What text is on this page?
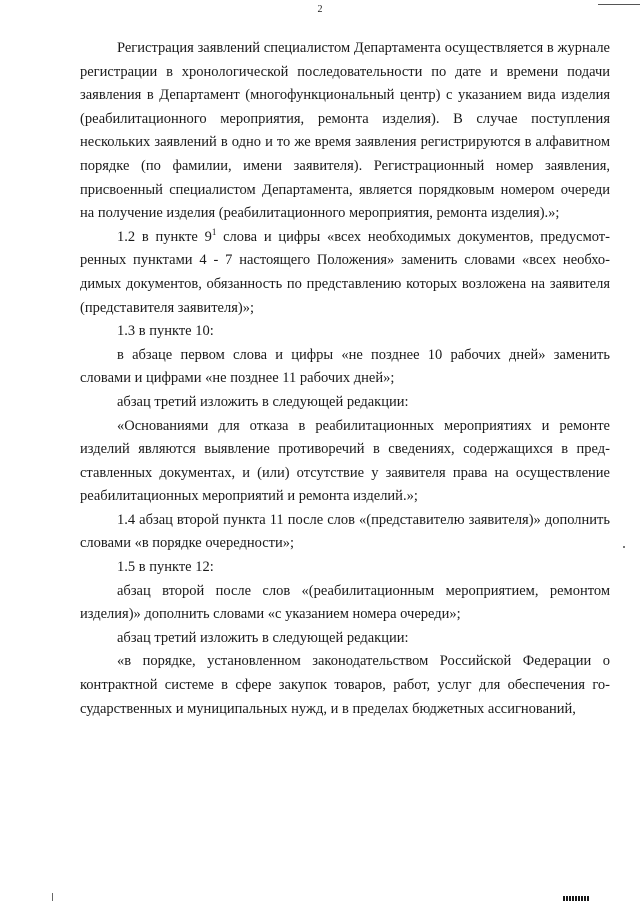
2

Регистрация заявлений специалистом Департамента осуществляется в журнале регистрации в хронологической последовательности по дате и времени подачи заявления в Департамент (многофункциональный центр) с указанием вида изделия (реабилитационного мероприятия, ремонта изделия). В случае поступления нескольких заявлений в одно и то же время заявления регистрируются в алфавитном порядке (по фамилии, имени заявителя). Регистрационный номер заявления, присвоенный специалистом Департамента, является порядковым номером очереди на получение изделия (реабилитационного мероприятия, ремонта изделия).»;

1.2 в пункте $9^1$ слова и цифры «всех необходимых документов, предусмотренных пунктами 4 - 7 настоящего Положения» заменить словами «всех необходимых документов, обязанность по представлению которых возложена на заявителя (представителя заявителя)»;

1.3 в пункте 10:

в абзаце первом слова и цифры «не позднее 10 рабочих дней» заменить словами и цифрами «не позднее 11 рабочих дней»;

абзац третий изложить в следующей редакции:

«Основаниями для отказа в реабилитационных мероприятиях и ремонте изделий являются выявление противоречий в сведениях, содержащихся в представленных документах, и (или) отсутствие у заявителя права на осуществление реабилитационных мероприятий и ремонта изделий.»;

1.4 абзац второй пункта 11 после слов «(представителю заявителя)» дополнить словами «в порядке очередности»;

1.5 в пункте 12:

абзац второй после слов «(реабилитационным мероприятием, ремонтом изделия)» дополнить словами «с указанием номера очереди»;

абзац третий изложить в следующей редакции:

«в порядке, установленном законодательством Российской Федерации о контрактной системе в сфере закупок товаров, работ, услуг для обеспечения государственных и муниципальных нужд, и в пределах бюджетных ассигнований,
